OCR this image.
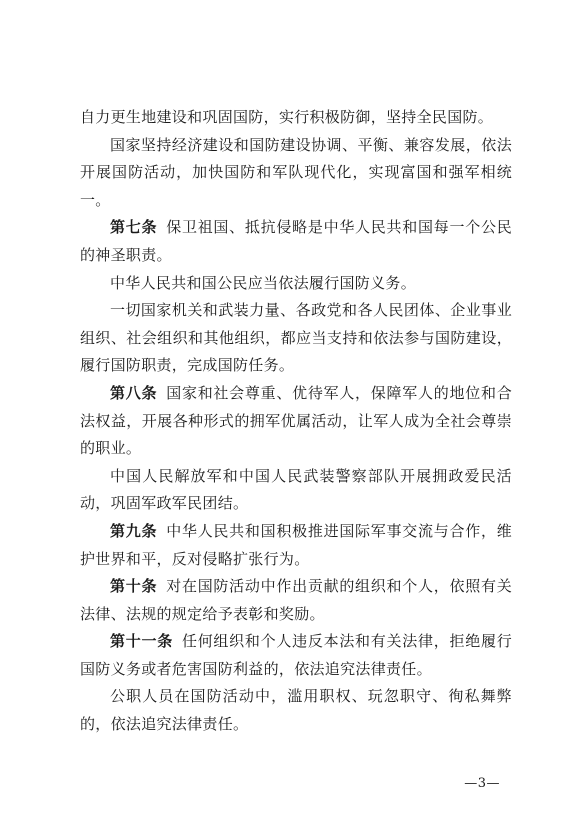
自力更生地建设和巩固国防，实行积极防御，坚持全民国防。

国家坚持经济建设和国防建设协调、平衡、兼容发展，依法开展国防活动，加快国防和军队现代化，实现富国和强军相统一。

第七条 保卫祖国、抵抗侵略是中华人民共和国每一个公民的神圣职责。

中华人民共和国公民应当依法履行国防义务。

一切国家机关和武装力量、各政党和各人民团体、企业事业组织、社会组织和其他组织，都应当支持和依法参与国防建设，履行国防职责，完成国防任务。

第八条 国家和社会尊重、优待军人，保障军人的地位和合法权益，开展各种形式的拥军优属活动，让军人成为全社会尊崇的职业。

中国人民解放军和中国人民武装警察部队开展拥政爱民活动，巩固军政军民团结。

第九条 中华人民共和国积极推进国际军事交流与合作，维护世界和平，反对侵略扩张行为。

第十条 对在国防活动中作出贡献的组织和个人，依照有关法律、法规的规定给予表彰和奖励。

第十一条 任何组织和个人违反本法和有关法律，拒绝履行国防义务或者危害国防利益的，依法追究法律责任。

公职人员在国防活动中，滥用职权、玩忽职守、徇私舞弊的，依法追究法律责任。

—3—
